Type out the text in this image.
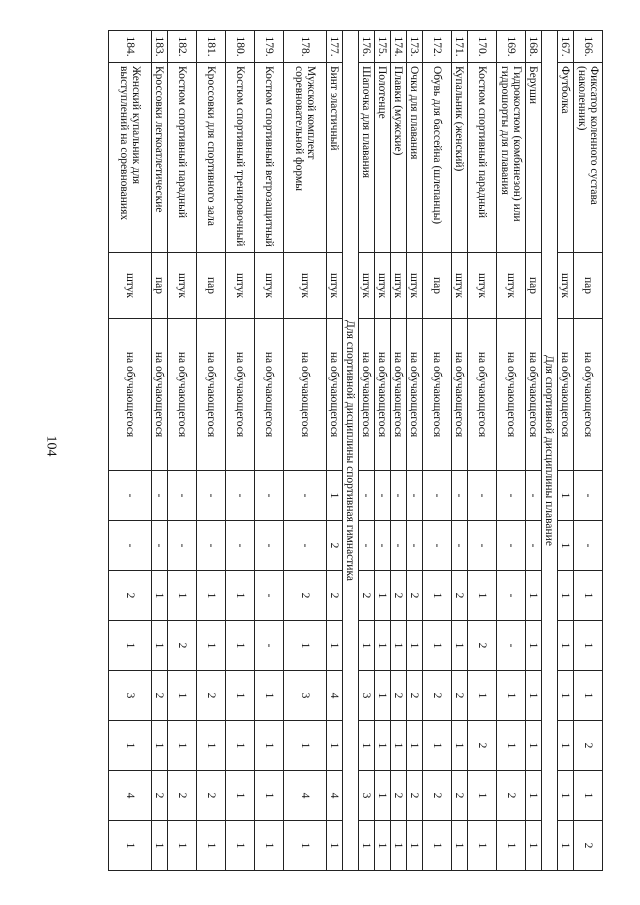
104
166.	Фиксатор коленного сустава (наколенник)	пар	на обучающегося	-	-	1	1	1	2	1	2
167.	Футболка	штук	на обучающегося	1	1	1	1	1	1	1	1
Для спортивной дисциплины плавание											
168.	Беруши	пар	на обучающегося	-	-	1	1	1	1	1	1
169.	Гидрокостюм (комбинезон) или гидрошорты для плавания	штук	на обучающегося	-	-	-	-	1	1	2	1
170.	Костюм спортивный парадный	штук	на обучающегося	-	-	1	2	1	2	1	1
171.	Купальник (женский)	штук	на обучающегося	-	-	2	1	2	1	2	1
172.	Обувь для бассейна (шлепанцы)	пар	на обучающегося	-	-	1	1	2	1	2	1
173.	Очки для плавания	штук	на обучающегося	-	-	2	1	2	1	2	1
174.	Плавки (мужские)	штук	на обучающегося	-	-	2	1	2	1	2	1
175.	Полотенце	штук	на обучающегося	-	-	1	1	1	1	1	1
176.	Шапочка для плавания	штук	на обучающегося	-	-	2	1	3	1	3	1
Для спортивной дисциплины спортивная гимнастика											
177.	Бинт эластичный	штук	на обучающегося	1	2	2	1	4	1	4	1
178.	Мужской комплект соревновательной формы	штук	на обучающегося	-	-	2	1	3	1	4	1
179.	Костюм спортивный ветрозащитный	штук	на обучающегося	-	-	-	-	1	1	1	1
180.	Костюм спортивный тренировочный	штук	на обучающегося	-	-	1	1	1	1	1	1
181.	Кроссовки для спортивного зала	пар	на обучающегося	-	-	1	1	2	1	2	1
182.	Костюм спортивный парадный	штук	на обучающегося	-	-	1	2	1	1	2	1
183.	Кроссовки легкоатлетические	пар	на обучающегося	-	-	1	1	2	1	2	1
184.	Женский купальник для выступлений на соревнованиях	штук	на обучающегося	-	-	2	1	3	1	4	1
